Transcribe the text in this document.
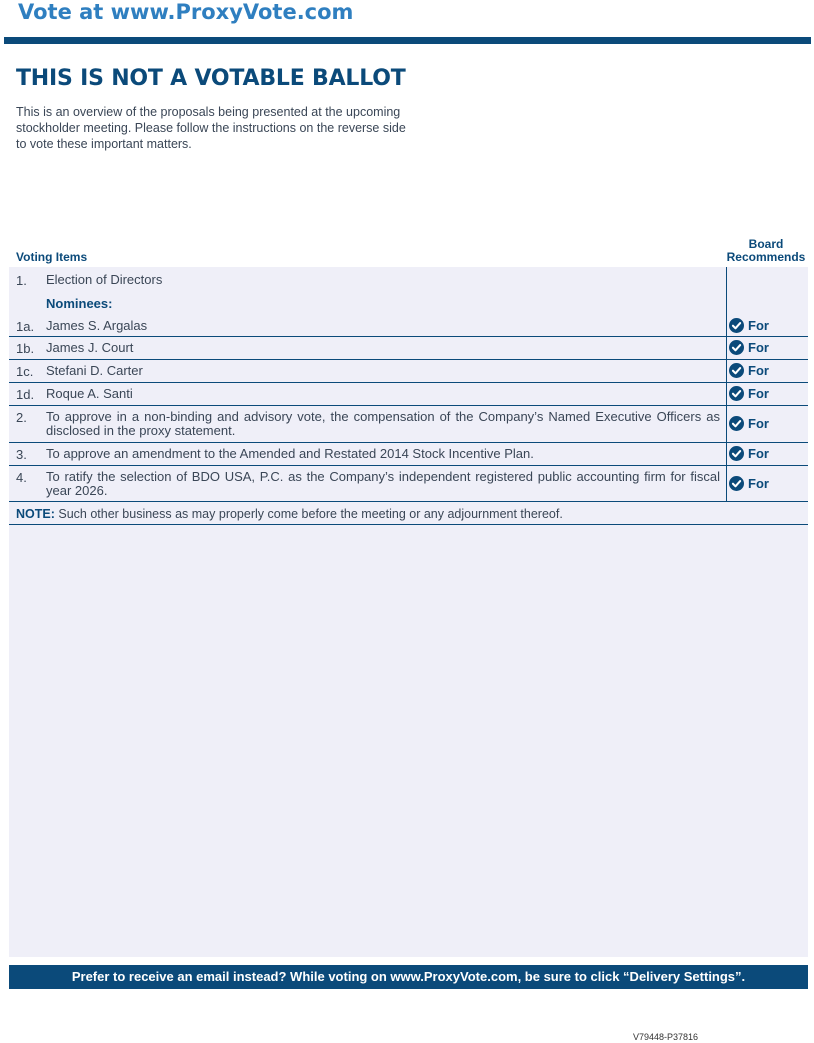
Vote at www.ProxyVote.com
THIS IS NOT A VOTABLE BALLOT
This is an overview of the proposals being presented at the upcoming stockholder meeting. Please follow the instructions on the reverse side to vote these important matters.
Voting Items
Board
Recommends
1. Election of Directors
Nominees:
1a. James S. Argalas	For
1b. James J. Court	For
1c. Stefani D. Carter	For
1d. Roque A. Santi	For
2. To approve in a non-binding and advisory vote, the compensation of the Company’s Named Executive Officers as disclosed in the proxy statement.	For
3. To approve an amendment to the Amended and Restated 2014 Stock Incentive Plan.	For
4. To ratify the selection of BDO USA, P.C. as the Company’s independent registered public accounting firm for fiscal year 2026.	For
NOTE: Such other business as may properly come before the meeting or any adjournment thereof.
Prefer to receive an email instead? While voting on www.ProxyVote.com, be sure to click “Delivery Settings”.
V79448-P37816
